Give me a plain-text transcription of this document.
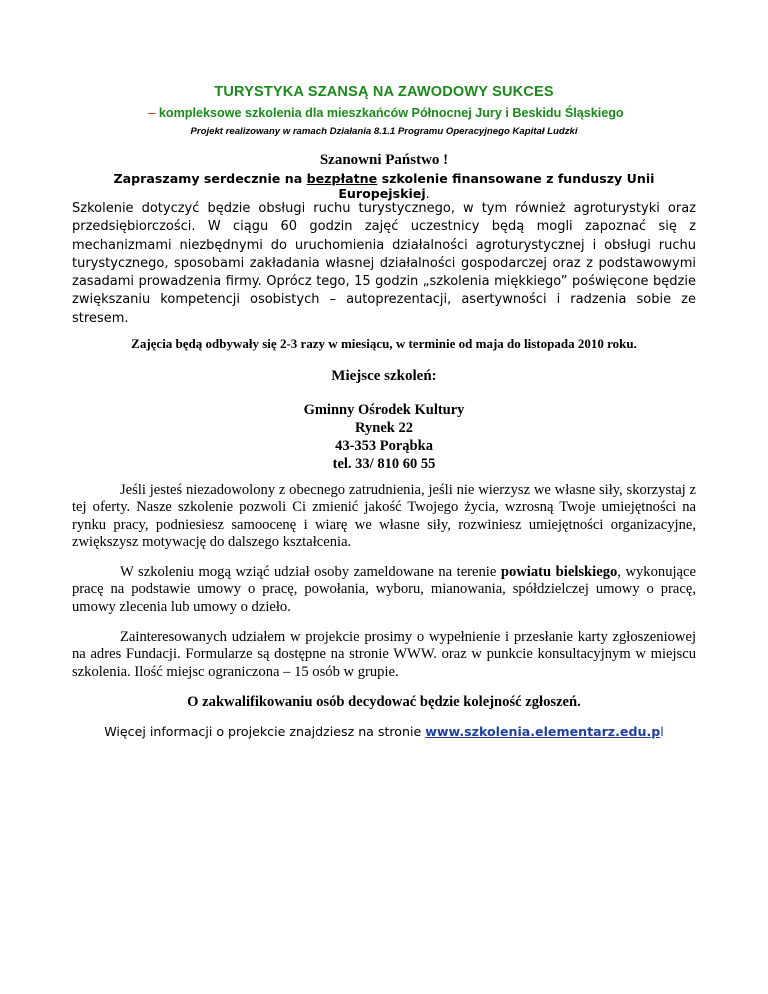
TURYSTYKA SZANSĄ NA ZAWODOWY SUKCES
– kompleksowe szkolenia dla mieszkańców Północnej Jury i Beskidu Śląskiego
Projekt realizowany w ramach Działania 8.1.1 Programu Operacyjnego Kapitał Ludzki
Szanowni Państwo !
Zapraszamy serdecznie na bezpłatne szkolenie finansowane z funduszy Unii Europejskiej.

Szkolenie dotyczyć będzie obsługi ruchu turystycznego, w tym również agroturystyki oraz przedsiębiorczości. W ciągu 60 godzin zajęć uczestnicy będą mogli zapoznać się z mechanizmami niezbędnymi do uruchomienia działalności agroturystycznej i obsługi ruchu turystycznego, sposobami zakładania własnej działalności gospodarczej oraz z podstawowymi zasadami prowadzenia firmy. Oprócz tego, 15 godzin „szkolenia miękkiego” poświęcone będzie zwiększaniu kompetencji osobistych – autoprezentacji, asertywności i radzenia sobie ze stresem.

Zajęcia będą odbywały się 2-3 razy w miesiącu, w terminie od maja do listopada 2010 roku.
Miejsce szkoleń:
Gminny Ośrodek Kultury
Rynek 22
43-353 Porąbka
tel. 33/ 810 60 55

Jeśli jesteś niezadowolony z obecnego zatrudnienia, jeśli nie wierzysz we własne siły, skorzystaj z tej oferty. Nasze szkolenie pozwoli Ci zmienić jakość Twojego życia, wzrosną Twoje umiejętności na rynku pracy, podniesiesz samoocenę i wiarę we własne siły, rozwiniesz umiejętności organizacyjne, zwiększysz motywację do dalszego kształcenia.

W szkoleniu mogą wziąć udział osoby zameldowane na terenie powiatu bielskiego, wykonujące pracę na podstawie umowy o pracę, powołania, wyboru, mianowania, spółdzielczej umowy o pracę, umowy zlecenia lub umowy o dzieło.

Zainteresowanych udziałem w projekcie prosimy o wypełnienie i przesłanie karty zgłoszeniowej na adres Fundacji. Formularze są dostępne na stronie WWW. oraz w punkcie konsultacyjnym w miejscu szkolenia. Ilość miejsc ograniczona – 15 osób w grupie.

O zakwalifikowaniu osób decydować będzie kolejność zgłoszeń.
Więcej informacji o projekcie znajdziesz na stronie www.szkolenia.elementarz.edu.pl
